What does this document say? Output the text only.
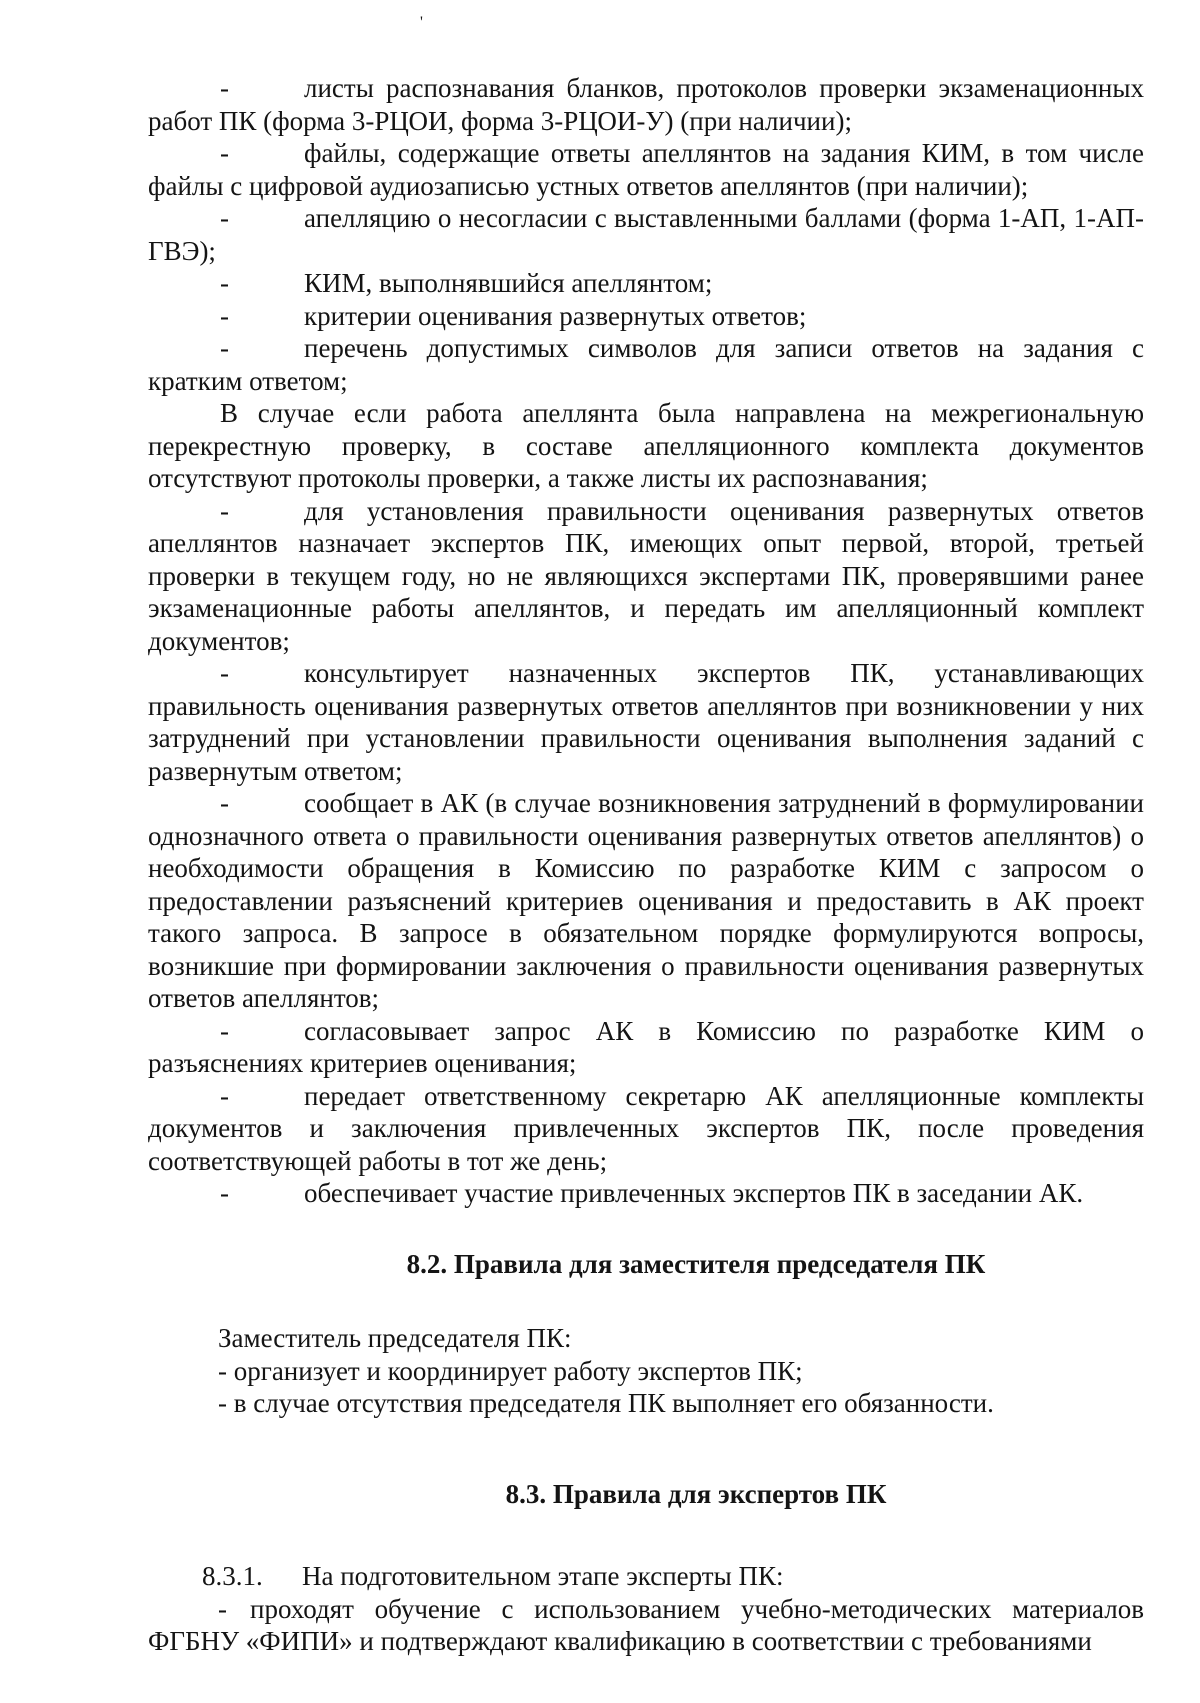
'
-	листы распознавания бланков, протоколов проверки экзаменационных работ ПК (форма 3-РЦОИ, форма 3-РЦОИ-У) (при наличии);
-	файлы, содержащие ответы апеллянтов на задания КИМ, в том числе файлы с цифровой аудиозаписью устных ответов апеллянтов (при наличии);
-	апелляцию о несогласии с выставленными баллами (форма 1-АП, 1-АП-ГВЭ);
-	КИМ, выполнявшийся апеллянтом;
-	критерии оценивания развернутых ответов;
-	перечень допустимых символов для записи ответов на задания с кратким ответом;
В случае если работа апеллянта была направлена на межрегиональную перекрестную проверку, в составе апелляционного комплекта документов отсутствуют протоколы проверки, а также листы их распознавания;
-	для установления правильности оценивания развернутых ответов апеллянтов назначает экспертов ПК, имеющих опыт первой, второй, третьей проверки в текущем году, но не являющихся экспертами ПК, проверявшими ранее экзаменационные работы апеллянтов, и передать им апелляционный комплект документов;
-	консультирует назначенных экспертов ПК, устанавливающих правильность оценивания развернутых ответов апеллянтов при возникновении у них затруднений при установлении правильности оценивания выполнения заданий с развернутым ответом;
-	сообщает в АК (в случае возникновения затруднений в формулировании однозначного ответа о правильности оценивания развернутых ответов апеллянтов) о необходимости обращения в Комиссию по разработке КИМ с запросом о предоставлении разъяснений критериев оценивания и предоставить в АК проект такого запроса. В запросе в обязательном порядке формулируются вопросы, возникшие при формировании заключения о правильности оценивания развернутых ответов апеллянтов;
-	согласовывает запрос АК в Комиссию по разработке КИМ о разъяснениях критериев оценивания;
-	передает ответственному секретарю АК апелляционные комплекты документов и заключения привлеченных экспертов ПК, после проведения соответствующей работы в тот же день;
-	обеспечивает участие привлеченных экспертов ПК в заседании АК.
8.2. Правила для заместителя председателя ПК
Заместитель председателя ПК:
- организует и координирует работу экспертов ПК;
- в случае отсутствия председателя ПК выполняет его обязанности.
8.3. Правила для экспертов ПК
8.3.1. На подготовительном этапе эксперты ПК:
- проходят обучение с использованием учебно-методических материалов ФГБНУ «ФИПИ» и подтверждают квалификацию в соответствии с требованиями
